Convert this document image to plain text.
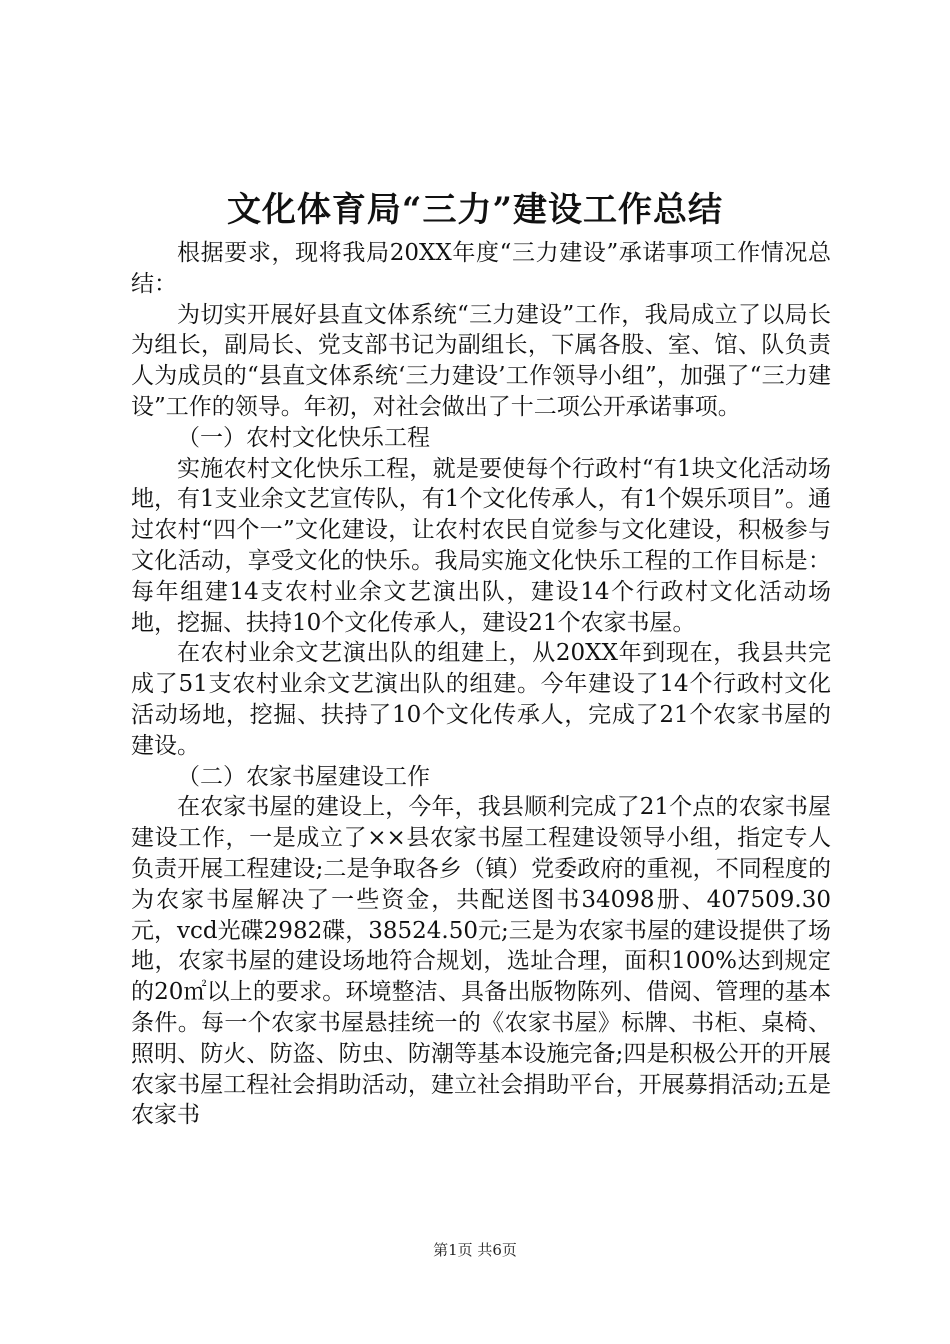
文化体育局“三力”建设工作总结

根据要求，现将我局20XX年度“三力建设”承诺事项工作情况总结：

为切实开展好县直文体系统“三力建设”工作，我局成立了以局长为组长，副局长、党支部书记为副组长，下属各股、室、馆、队负责人为成员的“县直文体系统‘三力建设’工作领导小组”，加强了“三力建设”工作的领导。年初，对社会做出了十二项公开承诺事项。

（一）农村文化快乐工程

实施农村文化快乐工程，就是要使每个行政村“有1块文化活动场地，有1支业余文艺宣传队，有1个文化传承人，有1个娱乐项目”。通过农村“四个一”文化建设，让农村农民自觉参与文化建设，积极参与文化活动，享受文化的快乐。我局实施文化快乐工程的工作目标是：每年组建14支农村业余文艺演出队，建设14个行政村文化活动场地，挖掘、扶持10个文化传承人，建设21个农家书屋。

在农村业余文艺演出队的组建上，从20XX年到现在，我县共完成了51支农村业余文艺演出队的组建。今年建设了14个行政村文化活动场地，挖掘、扶持了10个文化传承人，完成了21个农家书屋的建设。

（二）农家书屋建设工作

在农家书屋的建设上，今年，我县顺利完成了21个点的农家书屋建设工作，一是成立了××县农家书屋工程建设领导小组，指定专人负责开展工程建设;二是争取各乡（镇）党委政府的重视，不同程度的为农家书屋解决了一些资金，共配送图书34098册、407509.30元，vcd光碟2982碟，38524.50元;三是为农家书屋的建设提供了场地，农家书屋的建设场地符合规划，选址合理，面积100%达到规定的20㎡以上的要求。环境整洁、具备出版物陈列、借阅、管理的基本条件。每一个农家书屋悬挂统一的《农家书屋》标牌、书柜、桌椅、照明、防火、防盗、防虫、防潮等基本设施完备;四是积极公开的开展农家书屋工程社会捐助活动，建立社会捐助平台，开展募捐活动;五是农家书

第1页 共6页
